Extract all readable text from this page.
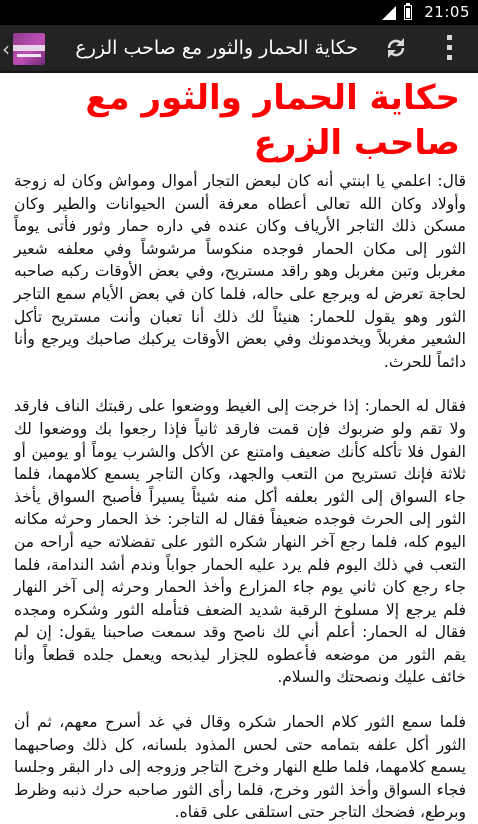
21:05
‹	حكاية الحمار والثور مع صاحب الزرع
حكاية الحمار والثور مع صاحب الزرع

قال: اعلمي يا ابنتي أنه كان لبعض التجار أموال ومواش وكان له زوجة وأولاد وكان الله تعالى أعطاه معرفة ألسن الحيوانات والطير وكان مسكن ذلك التاجر الأرياف وكان عنده في داره حمار وثور فأتى يوماً الثور إلى مكان الحمار فوجده منكوساً مرشوشاً وفي معلفه شعير مغربل وتبن مغربل وهو راقد مستريح، وفي بعض الأوقات ركبه صاحبه لحاجة تعرض له ويرجع على حاله، فلما كان في بعض الأيام سمع التاجر الثور وهو يقول للحمار: هنيئاً لك ذلك أنا تعبان وأنت مستريح تأكل الشعير مغربلاً ويخدمونك وفي بعض الأوقات يركبك صاحبك ويرجع وأنا دائماً للحرث.

فقال له الحمار: إذا خرجت إلى الغيط ووضعوا على رقبتك الناف فارقد ولا تقم ولو ضربوك فإن قمت فارقد ثانياً فإذا رجعوا بك ووضعوا لك الفول فلا تأكله كأنك ضعيف وامتنع عن الأكل والشرب يوماً أو يومين أو ثلاثة فإنك تستريح من التعب والجهد، وكان التاجر يسمع كلامهما، فلما جاء السواق إلى الثور بعلفه أكل منه شيئاً يسيراً فأصبح السواق يأخذ الثور إلى الحرث فوجده ضعيفاً فقال له التاجر: خذ الحمار وحرثه مكانه اليوم كله، فلما رجع آخر النهار شكره الثور على تفضلاته حيه أراحه من التعب في ذلك اليوم فلم يرد عليه الحمار جواباً وندم أشد الندامة، فلما جاء رجع كان ثاني يوم جاء المزارع وأخذ الحمار وحرثه إلى آخر النهار فلم يرجع إلا مسلوخ الرقبة شديد الضعف فتأمله الثور وشكره ومجده فقال له الحمار: أعلم أني لك ناصح وقد سمعت صاحبنا يقول: إن لم يقم الثور من موضعه فأعطوه للجزار ليذبحه ويعمل جلده قطعاً وأنا خائف عليك ونصحتك والسلام.

فلما سمع الثور كلام الحمار شكره وقال في غد أسرح معهم، ثم أن الثور أكل علفه بتمامه حتى لحس المذود بلسانه، كل ذلك وصاحبهما يسمع كلامهما، فلما طلع النهار وخرج التاجر وزوجه إلى دار البقر وجلسا فجاء السواق وأخذ الثور وخرج، فلما رأى الثور صاحبه حرك ذنبه وظرط وبرطع، فضحك التاجر حتى استلقى على قفاه.
